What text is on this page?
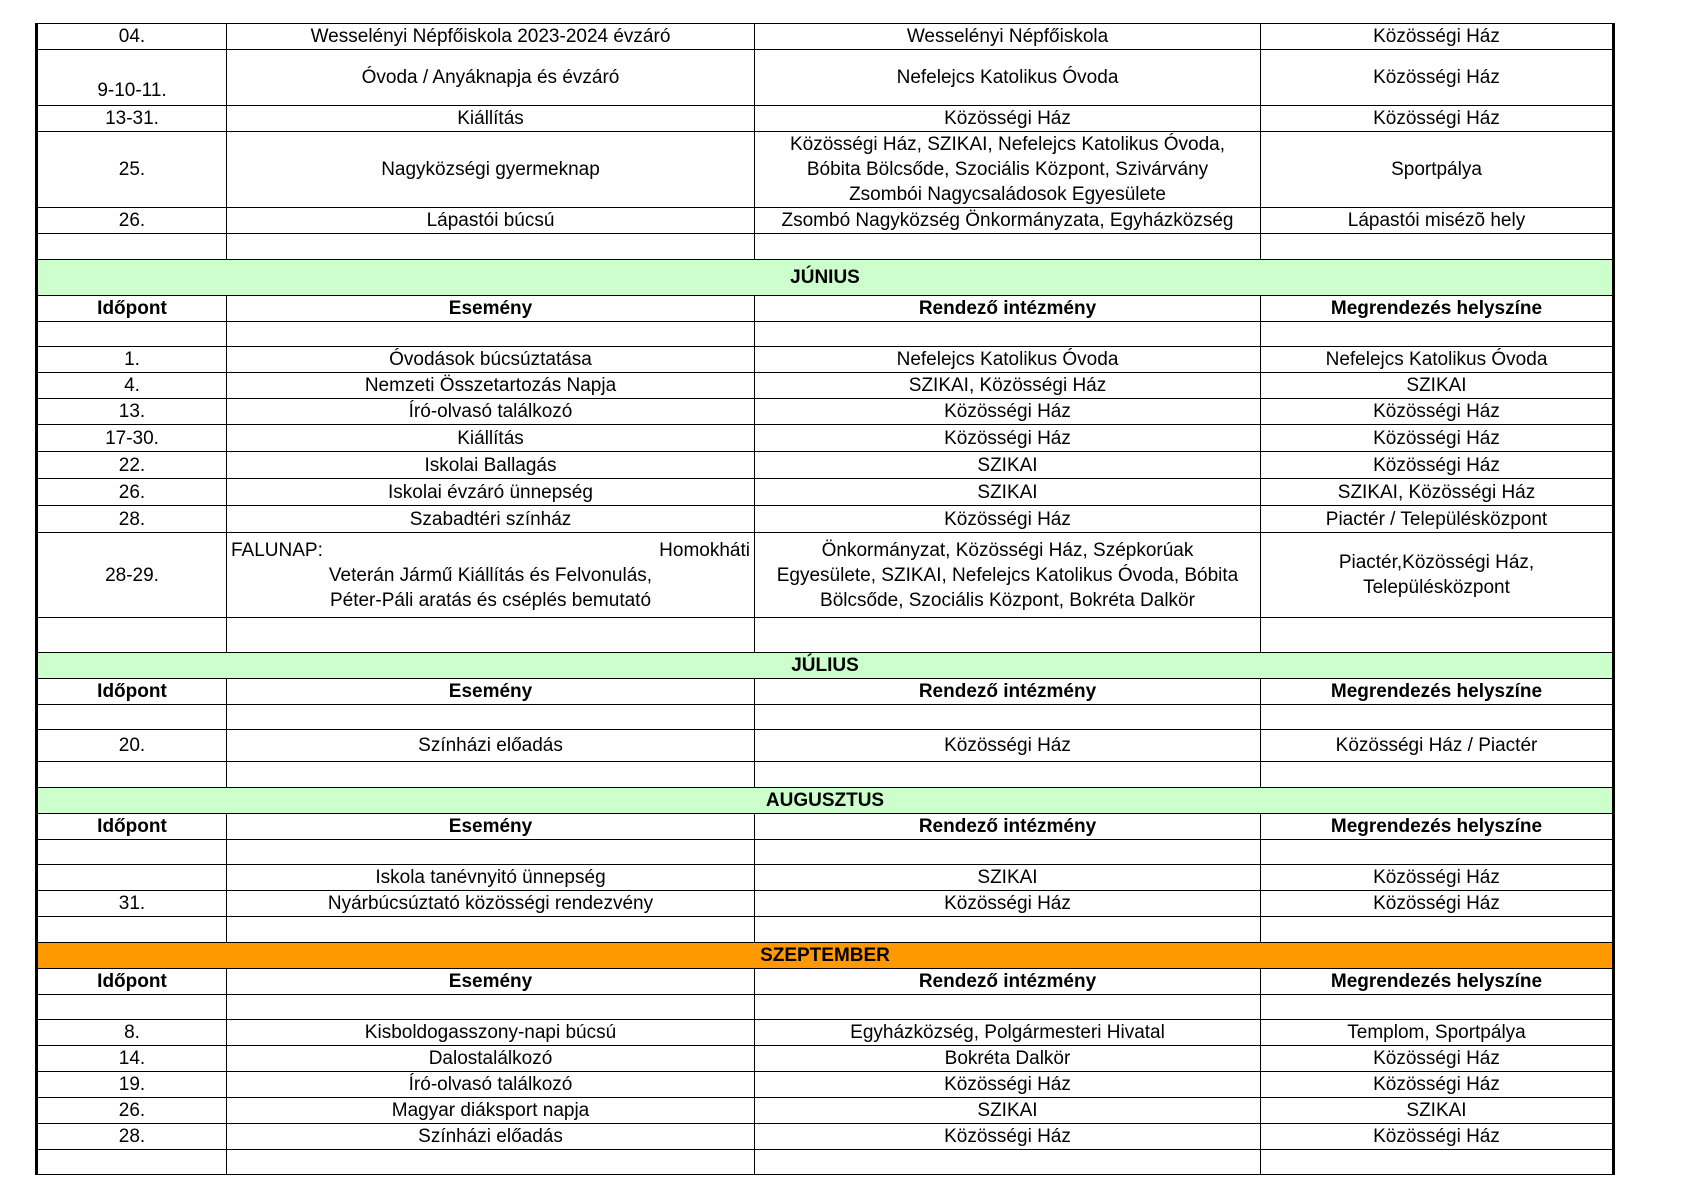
04.	Wesselényi Népfőiskola 2023-2024 évzáró	Wesselényi Népfőiskola	Közösségi Ház
9-10-11.	Óvoda / Anyáknapja és évzáró	Nefelejcs Katolikus Óvoda	Közösségi Ház
13-31.	Kiállítás	Közösségi Ház	Közösségi Ház
25.	Nagyközségi gyermeknap	Közösségi Ház, SZIKAI, Nefelejcs Katolikus Óvoda,
Bóbita Bölcsőde, Szociális Központ, Szivárvány
Zsombói Nagycsaládosok Egyesülete	Sportpálya
26.	Lápastói búcsú	Zsombó Nagyközség Önkormányzata, Egyházközség	Lápastói misézõ hely

JÚNIUS			
Időpont	Esemény	Rendező intézmény	Megrendezés helyszíne

1.	Óvodások búcsúztatása	Nefelejcs Katolikus Óvoda	Nefelejcs Katolikus Óvoda
4.	Nemzeti Összetartozás Napja	SZIKAI, Közösségi Ház	SZIKAI
13.	Író-olvasó találkozó	Közösségi Ház	Közösségi Ház
17-30.	Kiállítás	Közösségi Ház	Közösségi Ház
22.	Iskolai Ballagás	SZIKAI	Közösségi Ház
26.	Iskolai évzáró ünnepség	SZIKAI	SZIKAI, Közösségi Ház
28.	Szabadtéri színház	Közösségi Ház	Piactér / Településközpont
28-29.	FALUNAP: Homokháti
Veterán Jármű Kiállítás és Felvonulás,
Péter-Páli aratás és cséplés bemutató	Önkormányzat, Közösségi Ház, Szépkorúak
Egyesülete, SZIKAI, Nefelejcs Katolikus Óvoda, Bóbita
Bölcsőde, Szociális Központ, Bokréta Dalkör	Piactér,Közösségi Ház,
Településközpont

JÚLIUS			
Időpont	Esemény	Rendező intézmény	Megrendezés helyszíne

20.	Színházi előadás	Közösségi Ház	Közösségi Ház / Piactér

AUGUSZTUS			
Időpont	Esemény	Rendező intézmény	Megrendezés helyszíne

	Iskola tanévnyitó ünnepség	SZIKAI	Közösségi Ház
31.	Nyárbúcsúztató közösségi rendezvény	Közösségi Ház	Közösségi Ház

SZEPTEMBER			
Időpont	Esemény	Rendező intézmény	Megrendezés helyszíne

8.	Kisboldogasszony-napi búcsú	Egyházközség, Polgármesteri Hivatal	Templom, Sportpálya
14.	Dalostalálkozó	Bokréta Dalkör	Közösségi Ház
19.	Író-olvasó találkozó	Közösségi Ház	Közösségi Ház
26.	Magyar diáksport napja	SZIKAI	SZIKAI
28.	Színházi előadás	Közösségi Ház	Közösségi Ház
